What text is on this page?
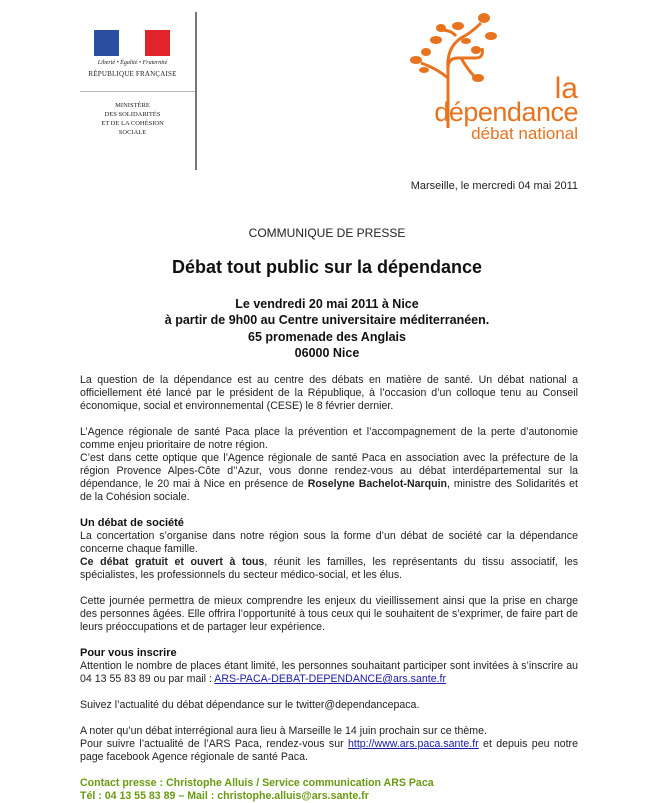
Liberté • Égalité • Fraternité
RÉPUBLIQUE FRANÇAISE
MINISTÈRE
DES SOLIDARITÉS
ET DE LA COHÉSION
SOCIALE
la
dépendance
débat national
Marseille, le mercredi 04 mai 2011
COMMUNIQUE DE PRESSE
Débat tout public sur la dépendance
Le vendredi 20 mai 2011 à Nice
à partir de 9h00 au Centre universitaire méditerranéen.
65 promenade des Anglais
06000 Nice

La question de la dépendance est au centre des débats en matière de santé. Un débat national a officiellement été lancé par le président de la République, à l’occasion d’un colloque tenu au Conseil économique, social et environnemental (CESE) le 8 février dernier.

L’Agence régionale de santé Paca place la prévention et l’accompagnement de la perte d’autonomie comme enjeu prioritaire de notre région.

C’est dans cette optique que l’Agence régionale de santé Paca en association avec la préfecture de la région Provence Alpes-Côte d’’Azur, vous donne rendez-vous au débat interdépartemental sur la dépendance, le 20 mai à Nice en présence de Roselyne Bachelot-Narquin, ministre des Solidarités et de la Cohésion sociale.

Un débat de société

La concertation s’organise dans notre région sous la forme d’un débat de société car la dépendance concerne chaque famille.

Ce débat gratuit et ouvert à tous, réunit les familles, les représentants du tissu associatif, les spécialistes, les professionnels du secteur médico-social, et les élus.

Cette journée permettra de mieux comprendre les enjeux du vieillissement ainsi que la prise en charge des personnes âgées. Elle offrira l’opportunité à tous ceux qui le souhaitent de s’exprimer, de faire part de leurs préoccupations et de partager leur expérience.

Pour vous inscrire

Attention le nombre de places étant limité, les personnes souhaitant participer sont invitées à s’inscrire au 04 13 55 83 89 ou par mail : ARS-PACA-DEBAT-DEPENDANCE@ars.sante.fr

Suivez l’actualité du débat dépendance sur le twitter@dependancepaca.

A noter qu’un débat interrégional aura lieu à Marseille le 14 juin prochain sur ce thème.

Pour suivre l’actualité de l’ARS Paca, rendez-vous sur http://www.ars.paca.sante.fr et depuis peu notre page facebook Agence régionale de santé Paca.

Contact presse : Christophe Alluis / Service communication ARS Paca
Tél : 04 13 55 83 89 – Mail : christophe.alluis@ars.sante.fr
